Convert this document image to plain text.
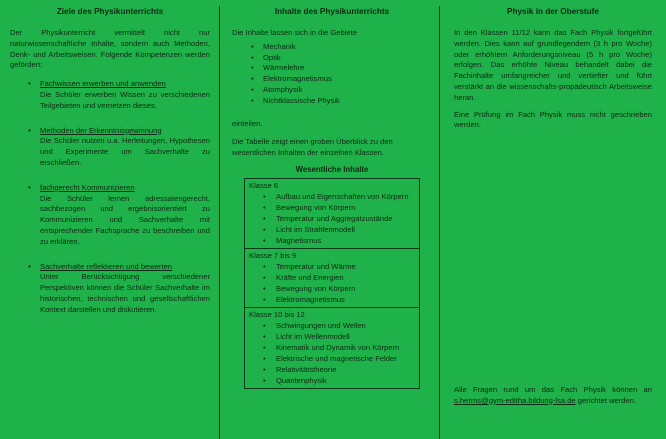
Ziele des Physikunterrichts

Der Physikunterricht vermittelt nicht nur naturwissenschaftliche Inhalte, sondern auch Methoden, Denk- und Arbeitsweisen. Folgende Kompetenzen werden gefördert:

• Fachwissen erwerben und anwenden
Die Schüler erwerben Wissen zu verschiedenen Teilgebieten und vernetzen dieses.
• Methoden der Erkenntnisgewinnung
Die Schüler nutzen u.a. Herleitungen, Hypothesen und Experimente um Sachverhalte zu erschließen.
• fachgerecht Kommunizieren
Die Schüler lernen adressatengerecht, sachbezogen und ergebnisorientiert zu Kommunizieren und Sachverhalte mit entsprechender Fachsprache zu beschreiben und zu erklären.
• Sachverhalte reflektieren und bewerten
Unter Berücksichtigung verschiedener Perspektiven können die Schüler Sachverhalte im historischen, technischen und gesellschaftlichen Kontext darstellen und diskutieren.
Inhalte des Physikunterrichts

Die Inhalte lassen sich in die Gebiete

• Mechanik
• Optik
• Wärmelehre
• Elektromagnetismus
• Atomphysik
• Nichtklassische Physik

einteilen.

Die Tabelle zeigt einen groben Überblick zu den wesentlichen Inhalten der einzelnen Klassen.

Wesentliche Inhalte
Klasse 6
• Aufbau und Eigenschaften von Körpern
• Bewegung von Körpern
• Temperatur und Aggregatzustände
• Licht im Strahlenmodell
• Magnetismus
Klasse 7 bis 9
• Temperatur und Wärme
• Kräfte und Energien
• Bewegung von Körpern
• Elektromagnetismus
Klasse 10 bis 12
• Schwingungen und Wellen
• Licht im Wellenmodell
• Kinematik und Dynamik von Körpern
• Elektrische und magnetische Felder
• Relativitätstheorie
• Quantenphysik
Physik in der Oberstufe

In den Klassen 11/12 kann das Fach Physik fortgeführt werden. Dies kann auf grundlegendem (3 h pro Woche) oder erhöhtem Anforderungsniveau (5 h pro Woche) erfolgen. Das erhöhte Niveau behandelt dabei die Fachinhalte umfangreicher und vertiefter und führt verstärkt an die wissenschafts-propädeutisch Arbeitsweise heran.

Eine Prüfung im Fach Physik muss nicht geschrieben werden.

Alle Fragen rund um das Fach Physik können an s.herms@gym-editha.bildung-lsa.de gerichtet werden.
